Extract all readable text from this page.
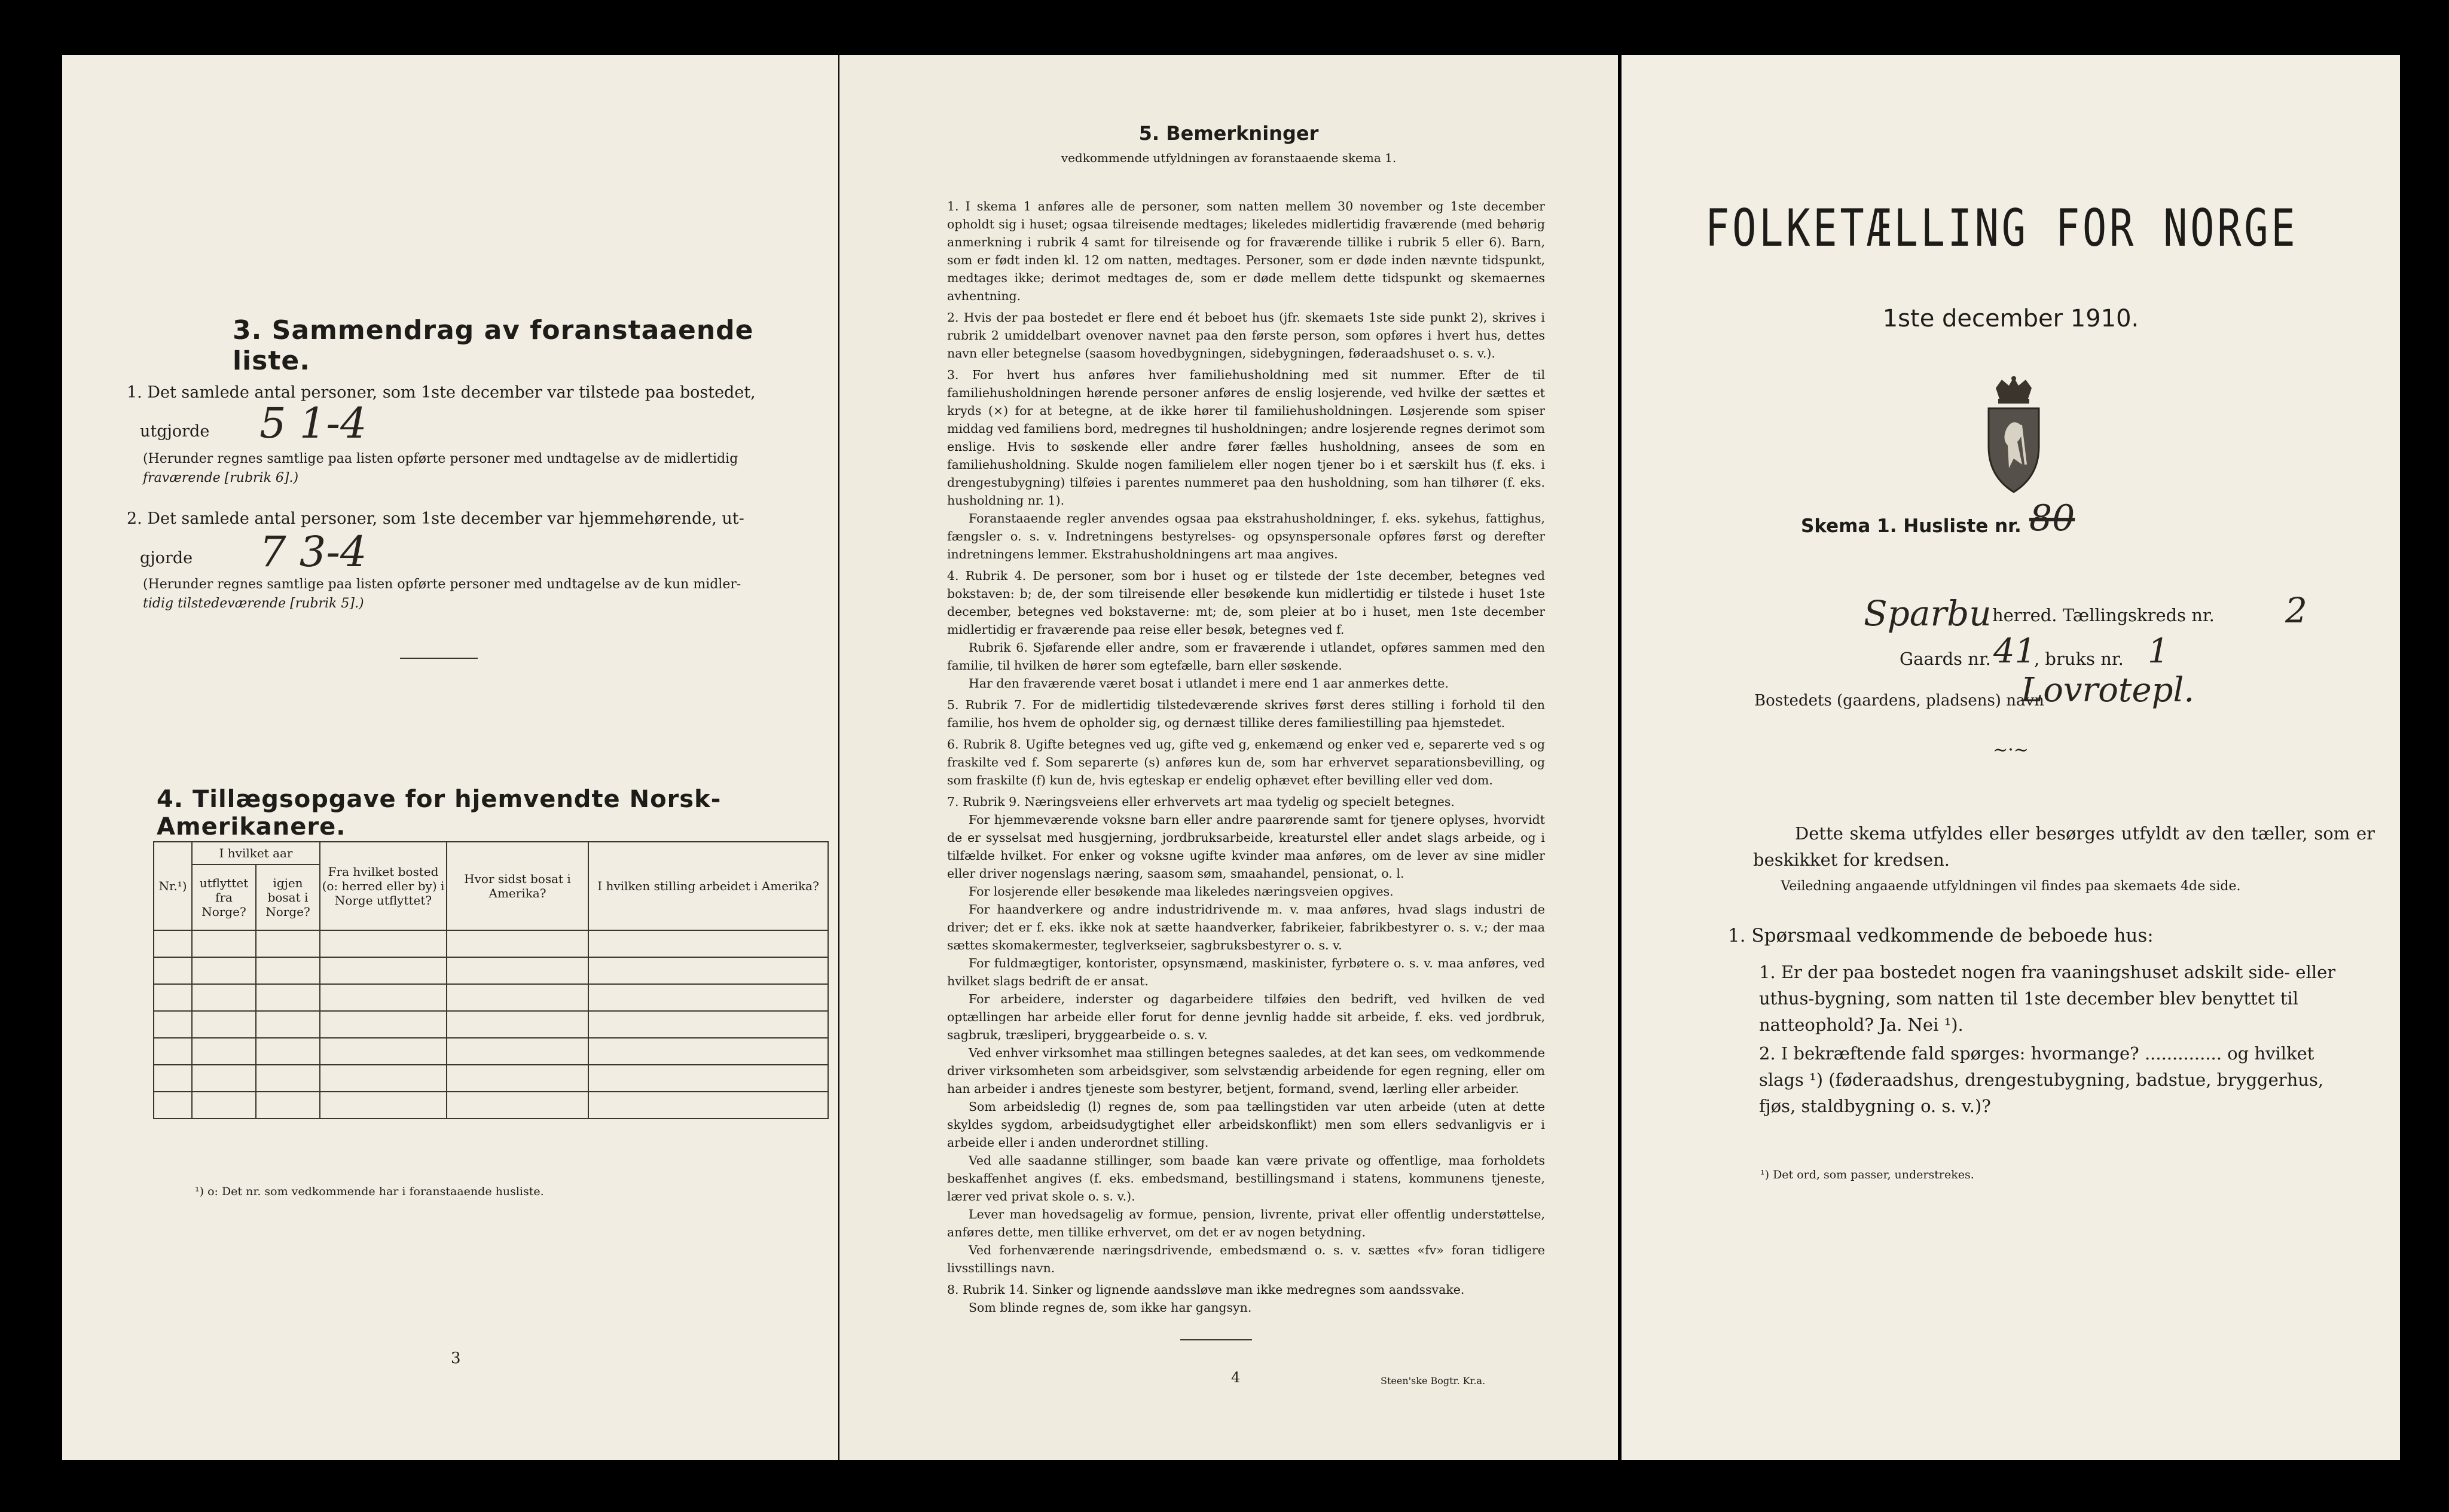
3. Sammendrag av foranstaaende liste.
1. Det samlede antal personer, som 1ste december var tilstede paa bostedet,
utgjorde 5 1-4
(Herunder regnes samtlige paa listen opførte personer med undtagelse av de midlertidig
fraværende [rubrik 6].)
2. Det samlede antal personer, som 1ste december var hjemmehørende, ut-
gjorde 7 3-4
(Herunder regnes samtlige paa listen opførte personer med undtagelse av de kun midler-
tidig tilstedeværende [rubrik 5].)
4. Tillægsopgave for hjemvendte Norsk-Amerikanere.
Nr.¹)	I hvilket aar		Fra hvilket bosted (o: herred eller by) i Norge utflyttet?	Hvor sidst bosat i Amerika?	I hvilken stilling arbeidet i Amerika?
	utflyttet fra Norge?	igjen bosat i Norge?			

¹) o: Det nr. som vedkommende har i foranstaaende husliste.
3
5. Bemerkninger
vedkommende utfyldningen av foranstaaende skema 1.

1. I skema 1 anføres alle de personer, som natten mellem 30 november og 1ste december opholdt sig i huset; ogsaa tilreisende medtages; likeledes midlertidig fraværende (med behørig anmerkning i rubrik 4 samt for tilreisende og for fraværende tillike i rubrik 5 eller 6). Barn, som er født inden kl. 12 om natten, medtages. Personer, som er døde inden nævnte tidspunkt, medtages ikke; derimot medtages de, som er døde mellem dette tidspunkt og skemaernes avhentning.

2. Hvis der paa bostedet er flere end ét beboet hus (jfr. skemaets 1ste side punkt 2), skrives i rubrik 2 umiddelbart ovenover navnet paa den første person, som opføres i hvert hus, dettes navn eller betegnelse (saasom hovedbygningen, sidebygningen, føderaadshuset o. s. v.).

3. For hvert hus anføres hver familiehusholdning med sit nummer. Efter de til familiehusholdningen hørende personer anføres de enslig losjerende, ved hvilke der sættes et kryds (×) for at betegne, at de ikke hører til familiehusholdningen. Løsjerende som spiser middag ved familiens bord, medregnes til husholdningen; andre losjerende regnes derimot som enslige. Hvis to søskende eller andre fører fælles husholdning, ansees de som en familiehusholdning. Skulde nogen familielem eller nogen tjener bo i et særskilt hus (f. eks. i drengestubygning) tilføies i parentes nummeret paa den husholdning, som han tilhører (f. eks. husholdning nr. 1).

Foranstaaende regler anvendes ogsaa paa ekstrahusholdninger, f. eks. sykehus, fattighus, fængsler o. s. v. Indretningens bestyrelses- og opsynspersonale opføres først og derefter indretningens lemmer. Ekstrahusholdningens art maa angives.

4. Rubrik 4. De personer, som bor i huset og er tilstede der 1ste december, betegnes ved bokstaven: b; de, der som tilreisende eller besøkende kun midlertidig er tilstede i huset 1ste december, betegnes ved bokstaverne: mt; de, som pleier at bo i huset, men 1ste december midlertidig er fraværende paa reise eller besøk, betegnes ved f.

Rubrik 6. Sjøfarende eller andre, som er fraværende i utlandet, opføres sammen med den familie, til hvilken de hører som egtefælle, barn eller søskende.

Har den fraværende været bosat i utlandet i mere end 1 aar anmerkes dette.

5. Rubrik 7. For de midlertidig tilstedeværende skrives først deres stilling i forhold til den familie, hos hvem de opholder sig, og dernæst tillike deres familiestilling paa hjemstedet.

6. Rubrik 8. Ugifte betegnes ved ug, gifte ved g, enkemænd og enker ved e, separerte ved s og fraskilte ved f. Som separerte (s) anføres kun de, som har erhvervet separationsbevilling, og som fraskilte (f) kun de, hvis egteskap er endelig ophævet efter bevilling eller ved dom.

7. Rubrik 9. Næringsveiens eller erhvervets art maa tydelig og specielt betegnes.

For hjemmeværende voksne barn eller andre paarørende samt for tjenere oplyses, hvorvidt de er sysselsat med husgjerning, jordbruksarbeide, kreaturstel eller andet slags arbeide, og i tilfælde hvilket. For enker og voksne ugifte kvinder maa anføres, om de lever av sine midler eller driver nogenslags næring, saasom søm, smaahandel, pensionat, o. l.

For losjerende eller besøkende maa likeledes næringsveien opgives.

For haandverkere og andre industridrivende m. v. maa anføres, hvad slags industri de driver; det er f. eks. ikke nok at sætte haandverker, fabrikeier, fabrikbestyrer o. s. v.; der maa sættes skomakermester, teglverkseier, sagbruksbestyrer o. s. v.

For fuldmægtiger, kontorister, opsynsmænd, maskinister, fyrbøtere o. s. v. maa anføres, ved hvilket slags bedrift de er ansat.

For arbeidere, inderster og dagarbeidere tilføies den bedrift, ved hvilken de ved optællingen har arbeide eller forut for denne jevnlig hadde sit arbeide, f. eks. ved jordbruk, sagbruk, træsliperi, bryggearbeide o. s. v.

Ved enhver virksomhet maa stillingen betegnes saaledes, at det kan sees, om vedkommende driver virksomheten som arbeidsgiver, som selvstændig arbeidende for egen regning, eller om han arbeider i andres tjeneste som bestyrer, betjent, formand, svend, lærling eller arbeider.

Som arbeidsledig (l) regnes de, som paa tællingstiden var uten arbeide (uten at dette skyldes sygdom, arbeidsudygtighet eller arbeidskonflikt) men som ellers sedvanligvis er i arbeide eller i anden underordnet stilling.

Ved alle saadanne stillinger, som baade kan være private og offentlige, maa forholdets beskaffenhet angives (f. eks. embedsmand, bestillingsmand i statens, kommunens tjeneste, lærer ved privat skole o. s. v.).

Lever man hovedsagelig av formue, pension, livrente, privat eller offentlig understøttelse, anføres dette, men tillike erhvervet, om det er av nogen betydning.

Ved forhenværende næringsdrivende, embedsmænd o. s. v. sættes «fv» foran tidligere livsstillings navn.

8. Rubrik 14. Sinker og lignende aandssløve man ikke medregnes som aandssvake.

Som blinde regnes de, som ikke har gangsyn.

4	Steen'ske Bogtr. Kr.a.
FOLKETÆLLING FOR NORGE
1ste december 1910.
Skema 1. Husliste nr. 80
Sparbu herred. Tællingskreds nr. 2
Gaards nr. 41
, bruks nr. 1
Bostedets (gaardens, pladsens) navn
Lovrotepl.
~·~
Dette skema utfyldes eller besørges utfyldt av den tæller, som er beskikket for kredsen.
Veiledning angaaende utfyldningen vil findes paa skemaets 4de side.
1. Spørsmaal vedkommende de beboede hus:
1. Er der paa bostedet nogen fra vaaningshuset adskilt side- eller uthus-bygning, som natten til 1ste december blev benyttet til natteophold? Ja. Nei ¹).
2. I bekræftende fald spørges: hvormange? .............. og hvilket slags ¹) (føderaadshus, drengestubygning, badstue, bryggerhus, fjøs, staldbygning o. s. v.)?
¹) Det ord, som passer, understrekes.
